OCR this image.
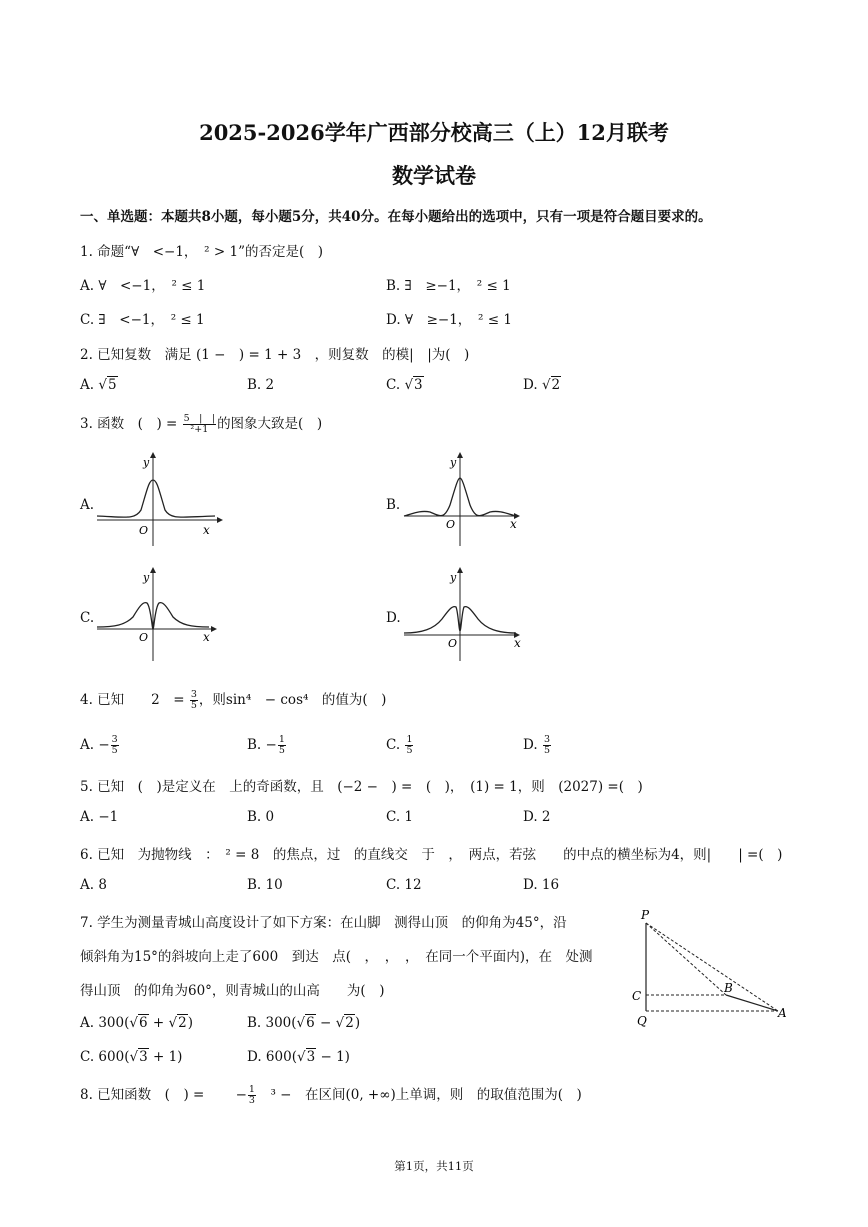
2025-2026学年广西部分校高三（上）12月联考
数学试卷
一、单选题：本题共8小题，每小题5分，共40分。在每小题给出的选项中，只有一项是符合题目要求的。
1. 命题“∀　<−1，　² > 1”的否定是(　)
A. ∀　<−1，　² ≤ 1	B. ∃　≥−1，　² ≤ 1
C. ∃　<−1，　² ≤ 1	D. ∀　≥−1，　² ≤ 1
2. 已知复数　满足 (1 −　) = 1 + 3　，则复数　的模|　|为(　)
A. √5	B. 2	C. √3	D. √2
3. 函数　(　) = $\frac{5 | |}{\text{²+1}}$ 的图象大致是(　)
A.	B.
C.	D.
y
x
O
y
x
O
y
x
O
y
x
O
4. 已知　　2　= $\frac{3}{5}$ ，则sin⁴　− cos⁴　的值为(　)
A. − $\frac{3}{5}$	B. − $\frac{1}{5}$	C. $\frac{1}{5}$	D. $\frac{3}{5}$
5. 已知　(　)是定义在　上的奇函数，且　(−2 −　) =　(　)，　(1) = 1，则　(2027) =(　)
A. −1	B. 0	C. 1	D. 2
6. 已知　为抛物线　：　² = 8　的焦点，过　的直线交　于　，　两点，若弦　　的中点的横坐标为4，则|　　| =(　)
A. 8	B. 10	C. 12	D. 16
7. 学生为测量青城山高度设计了如下方案：在山脚　测得山顶　的仰角为45°，沿
倾斜角为15°的斜坡向上走了600　到达　点(　，　，　，　在同一个平面内)，在　处测
得山顶　的仰角为60°，则青城山的山高　　为(　)
A. 300(√6 + √2)	B. 300(√6 − √2)
C. 600(√3 + 1)	D. 600(√3 − 1)
P
C
B
Q
A
8. 已知函数　(　) =　　 − $\frac{1}{3}$ 　³ −　在区间(0, +∞)上单调，则　的取值范围为(　)
第1页，共11页
